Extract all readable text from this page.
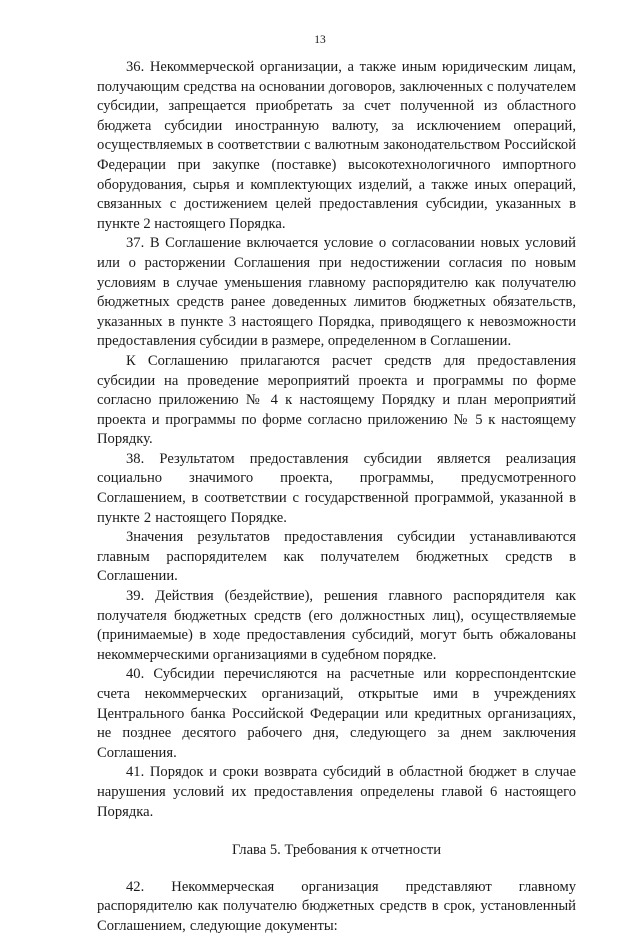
13

36. Некоммерческой организации, а также иным юридическим лицам, получающим средства на основании договоров, заключенных с получателем субсидии, запрещается приобретать за счет полученной из областного бюджета субсидии иностранную валюту, за исключением операций, осуществляемых в соответствии с валютным законодательством Российской Федерации при закупке (поставке) высокотехнологичного импортного оборудования, сырья и комплектующих изделий, а также иных операций, связанных с достижением целей предоставления субсидии, указанных в пункте 2 настоящего Порядка.

37. В Соглашение включается условие о согласовании новых условий или о расторжении Соглашения при недостижении согласия по новым условиям в случае уменьшения главному распорядителю как получателю бюджетных средств ранее доведенных лимитов бюджетных обязательств, указанных в пункте 3 настоящего Порядка, приводящего к невозможности предоставления субсидии в размере, определенном в Соглашении.

К Соглашению прилагаются расчет средств для предоставления субсидии на проведение мероприятий проекта и программы по форме согласно приложению № 4 к настоящему Порядку и план мероприятий проекта и программы по форме согласно приложению № 5 к настоящему Порядку.

38. Результатом предоставления субсидии является реализация социально значимого проекта, программы, предусмотренного Соглашением, в соответствии с государственной программой, указанной в пункте 2 настоящего Порядке.

Значения результатов предоставления субсидии устанавливаются главным распорядителем как получателем бюджетных средств в Соглашении.

39. Действия (бездействие), решения главного распорядителя как получателя бюджетных средств (его должностных лиц), осуществляемые (принимаемые) в ходе предоставления субсидий, могут быть обжалованы некоммерческими организациями в судебном порядке.

40. Субсидии перечисляются на расчетные или корреспондентские счета некоммерческих организаций, открытые ими в учреждениях Центрального банка Российской Федерации или кредитных организациях, не позднее десятого рабочего дня, следующего за днем заключения Соглашения.

41. Порядок и сроки возврата субсидий в областной бюджет в случае нарушения условий их предоставления определены главой 6 настоящего Порядка.

Глава 5. Требования к отчетности

42. Некоммерческая организация представляют главному распорядителю как получателю бюджетных средств в срок, установленный Соглашением, следующие документы:
